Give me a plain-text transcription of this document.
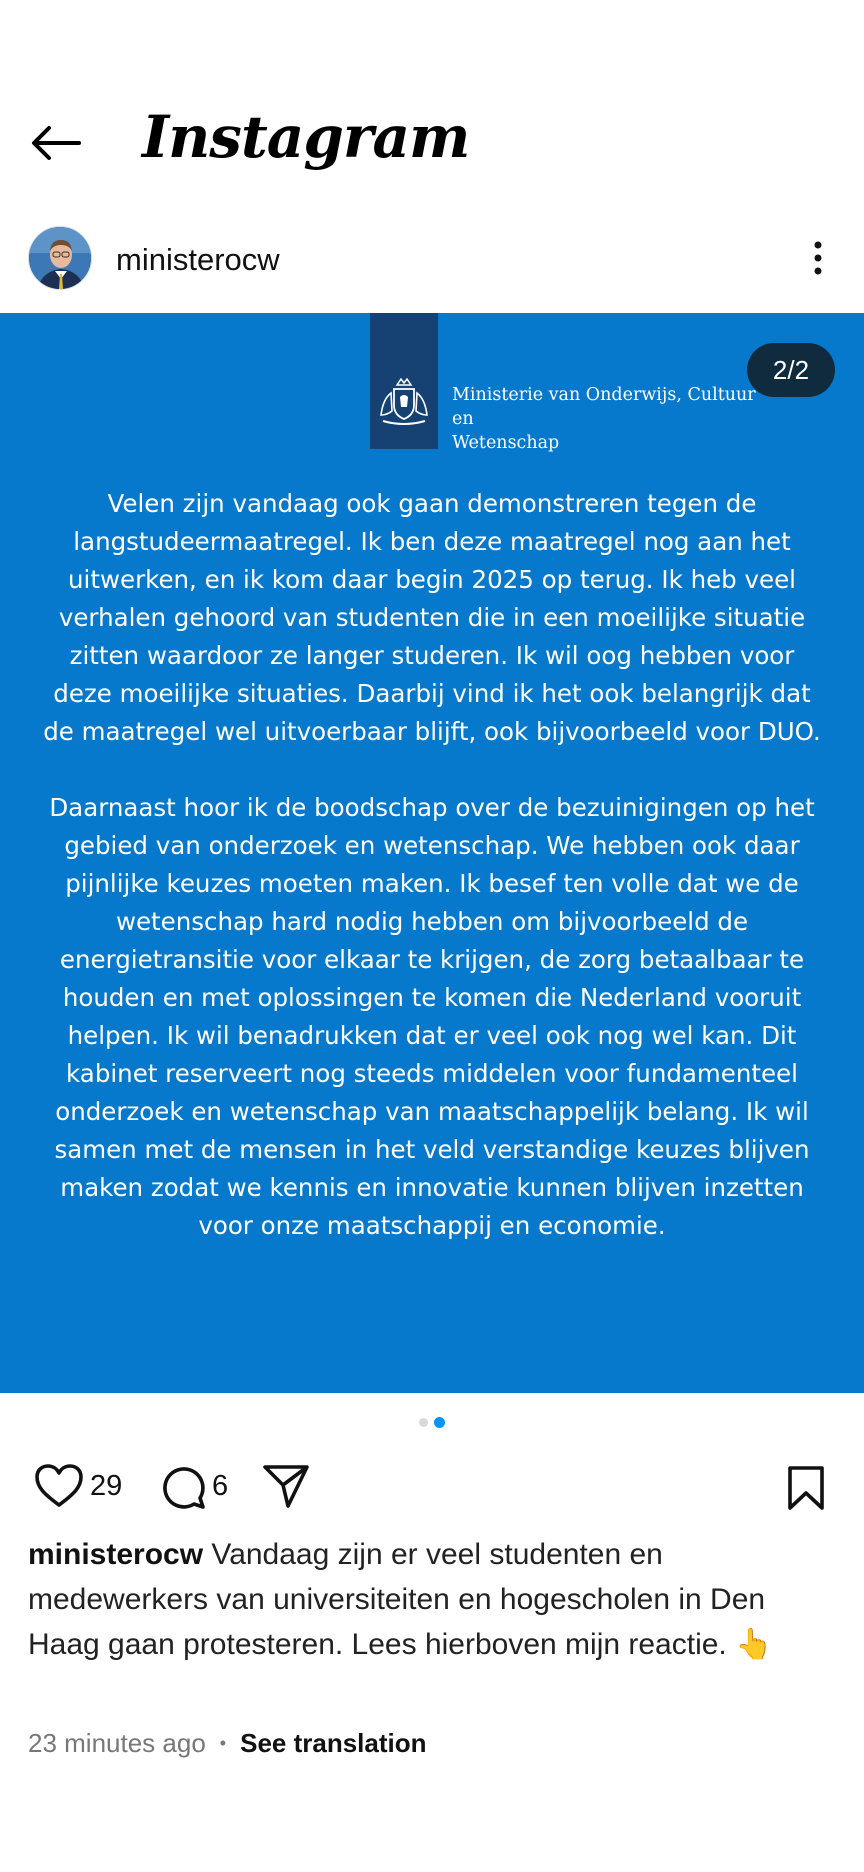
Instagram
ministerocw
Ministerie van Onderwijs, Cultuur en
Wetenschap
2/2

Velen zijn vandaag ook gaan demonstreren tegen de langstudeermaatregel. Ik ben deze maatregel nog aan het uitwerken, en ik kom daar begin 2025 op terug. Ik heb veel verhalen gehoord van studenten die in een moeilijke situatie zitten waardoor ze langer studeren. Ik wil oog hebben voor deze moeilijke situaties. Daarbij vind ik het ook belangrijk dat de maatregel wel uitvoerbaar blijft, ook bijvoorbeeld voor DUO.

Daarnaast hoor ik de boodschap over de bezuinigingen op het gebied van onderzoek en wetenschap. We hebben ook daar pijnlijke keuzes moeten maken. Ik besef ten volle dat we de wetenschap hard nodig hebben om bijvoorbeeld de energietransitie voor elkaar te krijgen, de zorg betaalbaar te houden en met oplossingen te komen die Nederland vooruit helpen. Ik wil benadrukken dat er veel ook nog wel kan. Dit kabinet reserveert nog steeds middelen voor fundamenteel onderzoek en wetenschap van maatschappelijk belang. Ik wil samen met de mensen in het veld verstandige keuzes blijven maken zodat we kennis en innovatie kunnen blijven inzetten voor onze maatschappij en economie.

29	6
ministerocw Vandaag zijn er veel studenten en medewerkers van universiteiten en hogescholen in Den Haag gaan protesteren. Lees hierboven mijn reactie. 👆
23 minutes ago • See translation
